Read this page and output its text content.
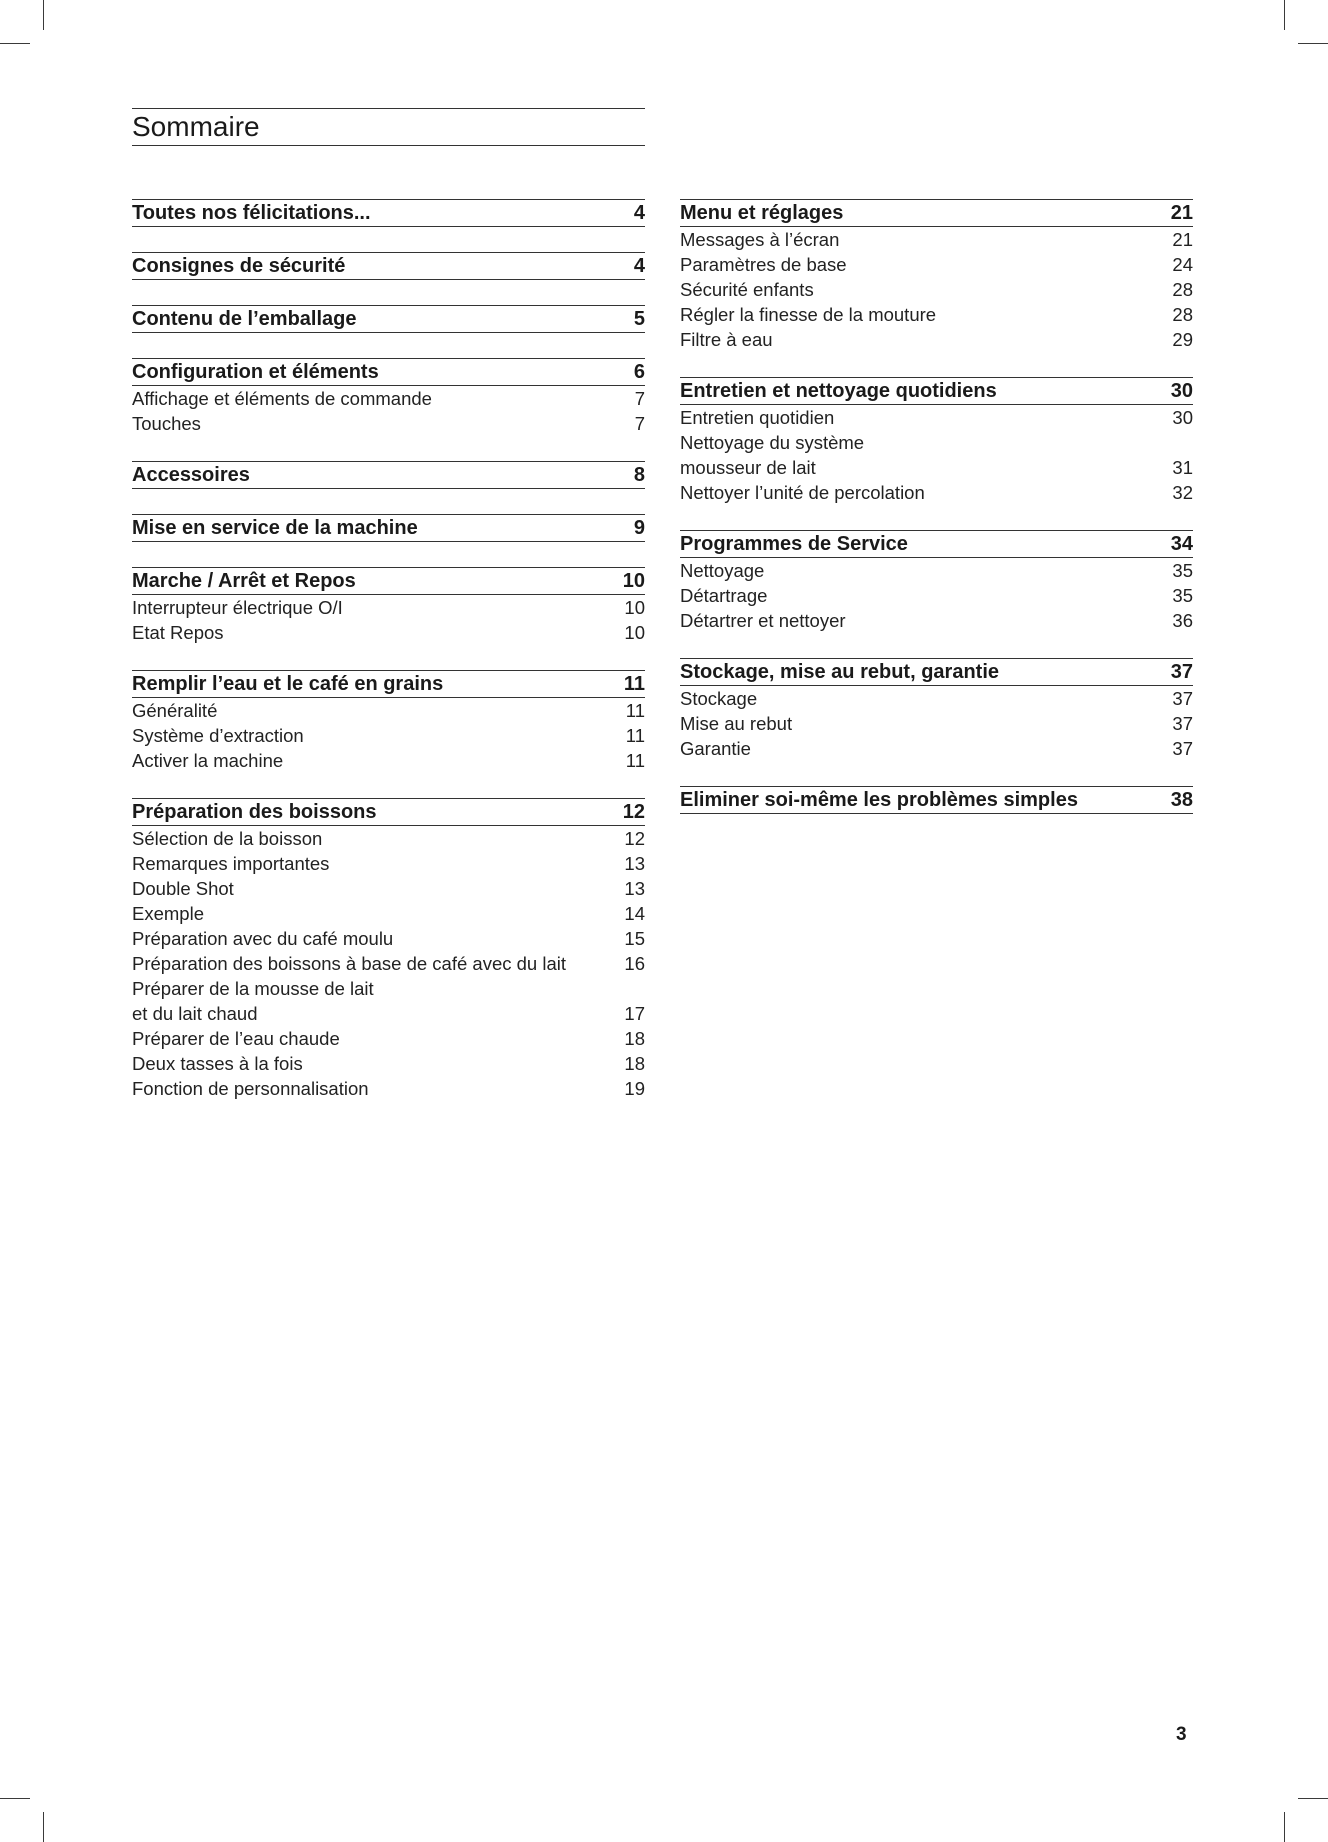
Sommaire
Toutes nos félicitations...	4
Consignes de sécurité	4
Contenu de l’emballage	5
Configuration et éléments	6
Affichage et éléments de commande	7
Touches	7
Accessoires	8
Mise en service de la machine	9
Marche / Arrêt et Repos	10
Interrupteur électrique O/I	10
Etat Repos	10
Remplir l’eau et le café en grains	11
Généralité	11
Système d’extraction	11
Activer la machine	11
Préparation des boissons	12
Sélection de la boisson	12
Remarques importantes	13
Double Shot	13
Exemple	14
Préparation avec du café moulu	15
Préparation des boissons à base de café avec du lait	16
Préparer de la mousse de lait
et du lait chaud	17
Préparer de l’eau chaude	18
Deux tasses à la fois	18
Fonction de personnalisation	19
Menu et réglages	21
Messages à l’écran	21
Paramètres de base	24
Sécurité enfants	28
Régler la finesse de la mouture	28
Filtre à eau	29
Entretien et nettoyage quotidiens	30
Entretien quotidien	30
Nettoyage du système
mousseur de lait	31
Nettoyer l’unité de percolation	32
Programmes de Service	34
Nettoyage	35
Détartrage	35
Détartrer et nettoyer	36
Stockage, mise au rebut, garantie	37
Stockage	37
Mise au rebut	37
Garantie	37
Eliminer soi-même les problèmes simples	38
3
